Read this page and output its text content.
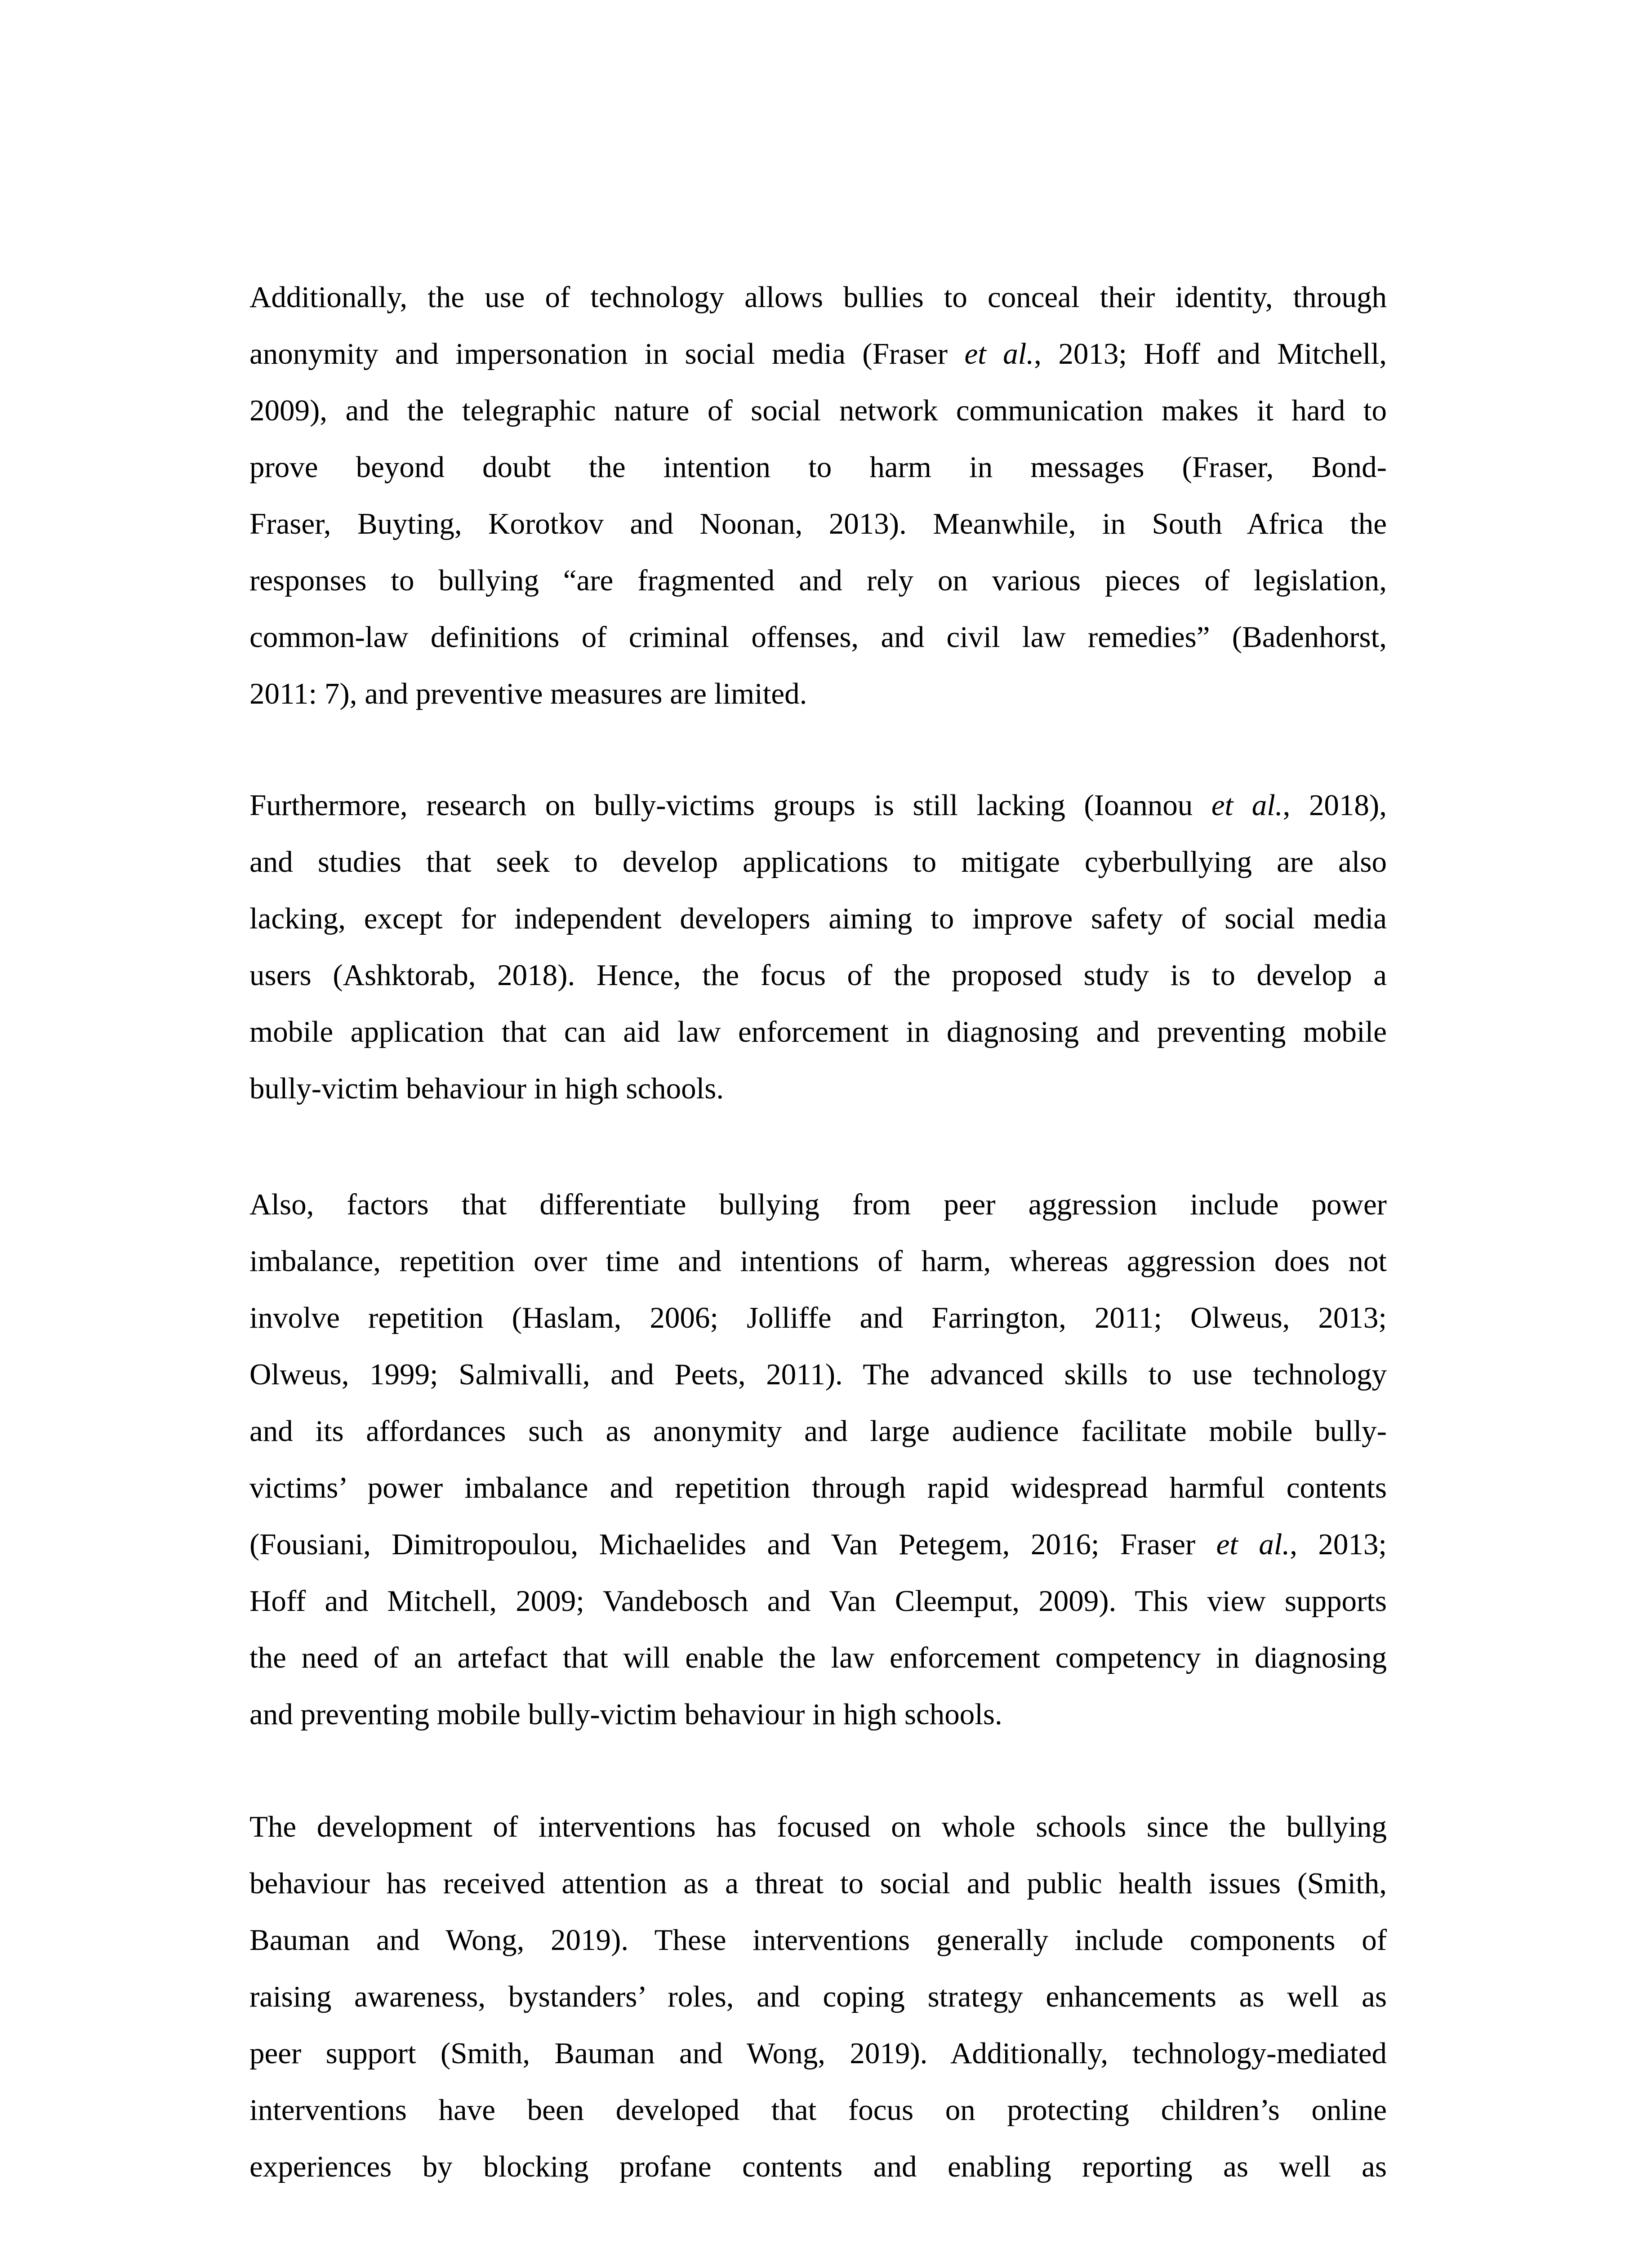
Additionally, the use of technology allows bullies to conceal their identity, through
anonymity and impersonation in social media (Fraser et al., 2013; Hoff and Mitchell,
2009), and the telegraphic nature of social network communication makes it hard to
prove beyond doubt the intention to harm in messages (Fraser, Bond-
Fraser, Buyting, Korotkov and Noonan, 2013). Meanwhile, in South Africa the
responses to bullying “are fragmented and rely on various pieces of legislation,
common-law definitions of criminal offenses, and civil law remedies” (Badenhorst,
2011: 7), and preventive measures are limited.
Furthermore, research on bully-victims groups is still lacking (Ioannou et al., 2018),
and studies that seek to develop applications to mitigate cyberbullying are also
lacking, except for independent developers aiming to improve safety of social media
users (Ashktorab, 2018). Hence, the focus of the proposed study is to develop a
mobile application that can aid law enforcement in diagnosing and preventing mobile
bully-victim behaviour in high schools.
Also, factors that differentiate bullying from peer aggression include power
imbalance, repetition over time and intentions of harm, whereas aggression does not
involve repetition (Haslam, 2006; Jolliffe and Farrington, 2011; Olweus, 2013;
Olweus, 1999; Salmivalli, and Peets, 2011). The advanced skills to use technology
and its affordances such as anonymity and large audience facilitate mobile bully-
victims’ power imbalance and repetition through rapid widespread harmful contents
(Fousiani, Dimitropoulou, Michaelides and Van Petegem, 2016; Fraser et al., 2013;
Hoff and Mitchell, 2009; Vandebosch and Van Cleemput, 2009). This view supports
the need of an artefact that will enable the law enforcement competency in diagnosing
and preventing mobile bully-victim behaviour in high schools.
The development of interventions has focused on whole schools since the bullying
behaviour has received attention as a threat to social and public health issues (Smith,
Bauman and Wong, 2019). These interventions generally include components of
raising awareness, bystanders’ roles, and coping strategy enhancements as well as
peer support (Smith, Bauman and Wong, 2019). Additionally, technology-mediated
interventions have been developed that focus on protecting children’s online
experiences by blocking profane contents and enabling reporting as well as
